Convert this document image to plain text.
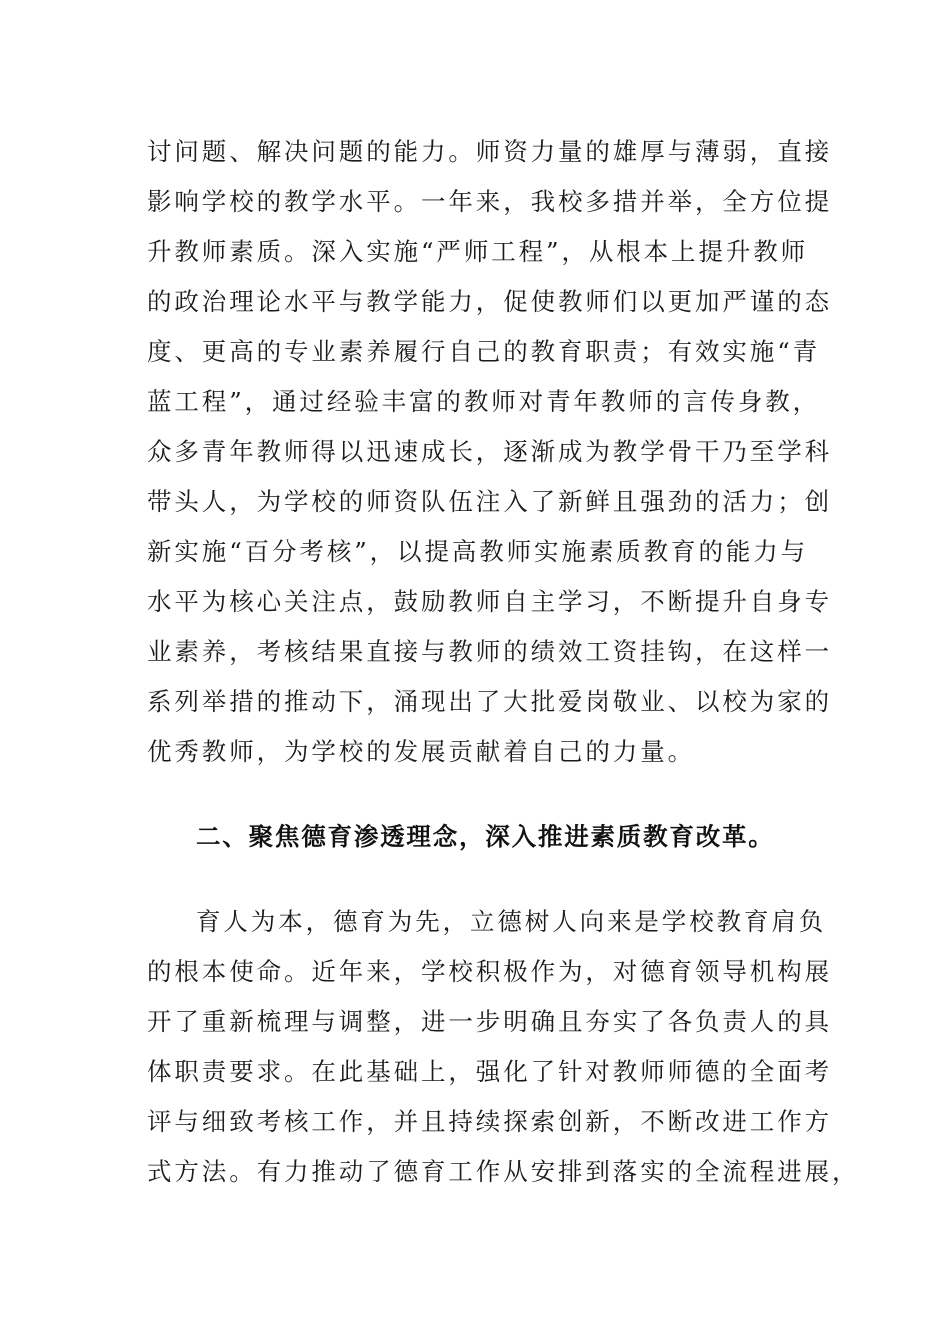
讨问题、解决问题的能力。师资力量的雄厚与薄弱，直接
影响学校的教学水平。一年来，我校多措并举，全方位提
升教师素质。深入实施“严师工程”，从根本上提升教师
的政治理论水平与教学能力，促使教师们以更加严谨的态
度、更高的专业素养履行自己的教育职责；有效实施“青
蓝工程”，通过经验丰富的教师对青年教师的言传身教，
众多青年教师得以迅速成长，逐渐成为教学骨干乃至学科
带头人，为学校的师资队伍注入了新鲜且强劲的活力；创
新实施“百分考核”，以提高教师实施素质教育的能力与
水平为核心关注点，鼓励教师自主学习，不断提升自身专
业素养，考核结果直接与教师的绩效工资挂钩，在这样一
系列举措的推动下，涌现出了大批爱岗敬业、以校为家的
优秀教师，为学校的发展贡献着自己的力量。
二、聚焦德育渗透理念，深入推进素质教育改革。
育人为本，德育为先，立德树人向来是学校教育肩负
的根本使命。近年来，学校积极作为，对德育领导机构展
开了重新梳理与调整，进一步明确且夯实了各负责人的具
体职责要求。在此基础上，强化了针对教师师德的全面考
评与细致考核工作，并且持续探索创新，不断改进工作方
式方法。有力推动了德育工作从安排到落实的全流程进展，
